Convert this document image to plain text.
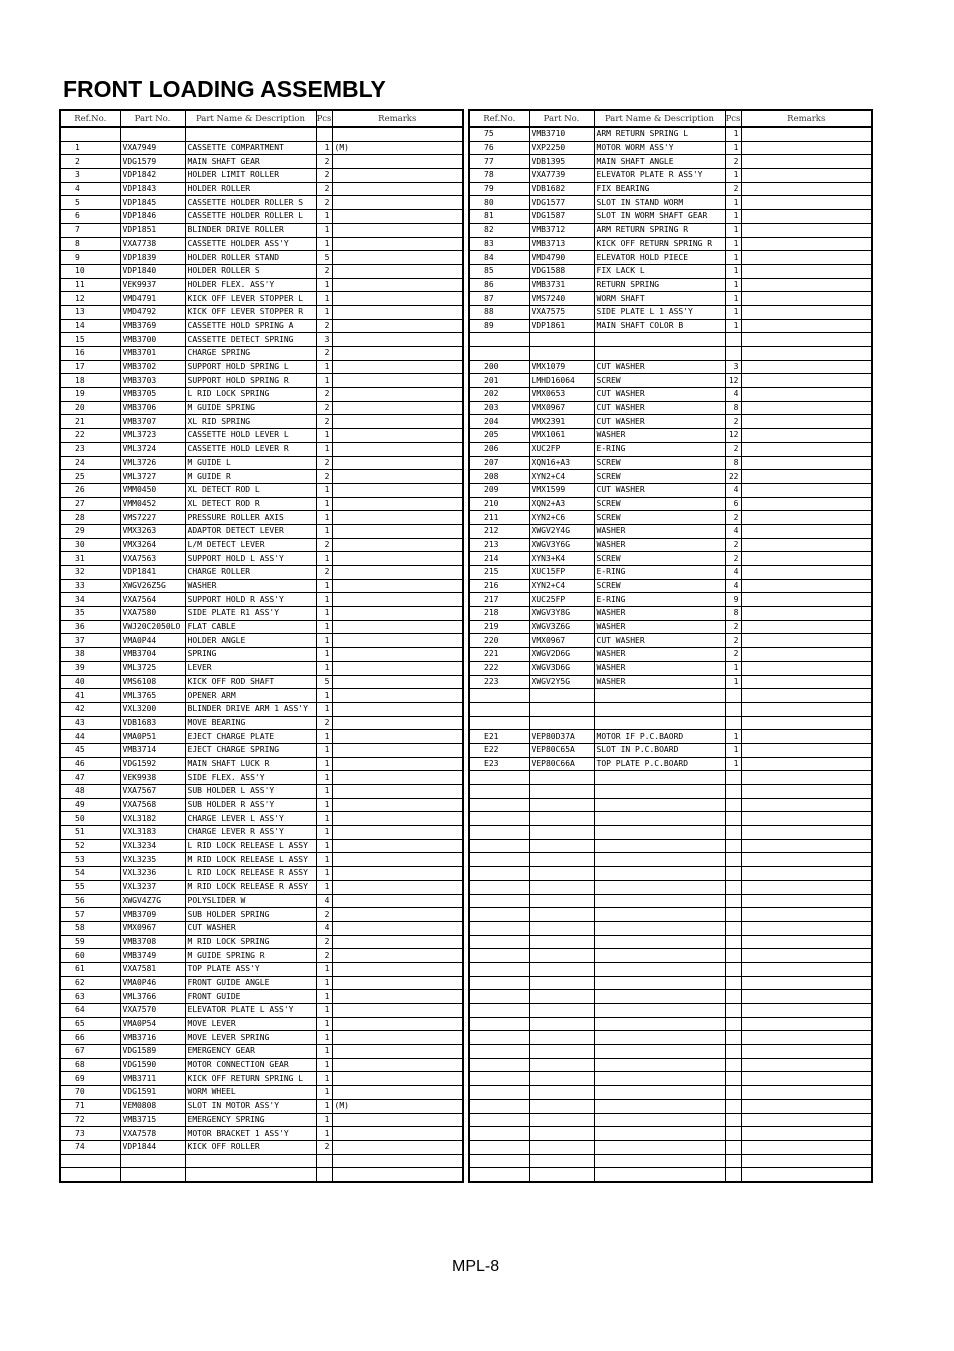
FRONT LOADING ASSEMBLY
Ref.No.	Part No.	Part Name & Description	Pcs	Remarks

1	VXA7949	CASSETTE COMPARTMENT	1	(M)
2	VDG1579	MAIN SHAFT GEAR	2	
3	VDP1842	HOLDER LIMIT ROLLER	2	
4	VDP1843	HOLDER ROLLER	2	
5	VDP1845	CASSETTE HOLDER ROLLER S	2	
6	VDP1846	CASSETTE HOLDER ROLLER L	1	
7	VDP1851	BLINDER DRIVE ROLLER	1	
8	VXA7738	CASSETTE HOLDER ASS'Y	1	
9	VDP1839	HOLDER ROLLER STAND	5	
10	VDP1840	HOLDER ROLLER S	2	
11	VEK9937	HOLDER FLEX. ASS'Y	1	
12	VMD4791	KICK OFF LEVER STOPPER L	1	
13	VMD4792	KICK OFF LEVER STOPPER R	1	
14	VMB3769	CASSETTE HOLD SPRING A	2	
15	VMB3700	CASSETTE DETECT SPRING	3	
16	VMB3701	CHARGE SPRING	2	
17	VMB3702	SUPPORT HOLD SPRING L	1	
18	VMB3703	SUPPORT HOLD SPRING R	1	
19	VMB3705	L RID LOCK SPRING	2	
20	VMB3706	M GUIDE SPRING	2	
21	VMB3707	XL RID SPRING	2	
22	VML3723	CASSETTE HOLD LEVER L	1	
23	VML3724	CASSETTE HOLD LEVER R	1	
24	VML3726	M GUIDE L	2	
25	VML3727	M GUIDE R	2	
26	VMM0450	XL DETECT ROD L	1	
27	VMM0452	XL DETECT ROD R	1	
28	VMS7227	PRESSURE ROLLER AXIS	1	
29	VMX3263	ADAPTOR DETECT LEVER	1	
30	VMX3264	L/M DETECT LEVER	2	
31	VXA7563	SUPPORT HOLD L ASS'Y	1	
32	VDP1841	CHARGE ROLLER	2	
33	XWGV26Z5G	WASHER	1	
34	VXA7564	SUPPORT HOLD R ASS'Y	1	
35	VXA7580	SIDE PLATE R1 ASS'Y	1	
36	VWJ20C2050LO	FLAT CABLE	1	
37	VMA0P44	HOLDER ANGLE	1	
38	VMB3704	SPRING	1	
39	VML3725	LEVER	1	
40	VMS6108	KICK OFF ROD SHAFT	5	
41	VML3765	OPENER ARM	1	
42	VXL3200	BLINDER DRIVE ARM 1 ASS'Y	1	
43	VDB1683	MOVE BEARING	2	
44	VMA0P51	EJECT CHARGE PLATE	1	
45	VMB3714	EJECT CHARGE SPRING	1	
46	VDG1592	MAIN SHAFT LUCK R	1	
47	VEK9938	SIDE FLEX. ASS'Y	1	
48	VXA7567	SUB HOLDER L ASS'Y	1	
49	VXA7568	SUB HOLDER R ASS'Y	1	
50	VXL3182	CHARGE LEVER L ASS'Y	1	
51	VXL3183	CHARGE LEVER R ASS'Y	1	
52	VXL3234	L RID LOCK RELEASE L ASSY	1	
53	VXL3235	M RID LOCK RELEASE L ASSY	1	
54	VXL3236	L RID LOCK RELEASE R ASSY	1	
55	VXL3237	M RID LOCK RELEASE R ASSY	1	
56	XWGV4Z7G	POLYSLIDER W	4	
57	VMB3709	SUB HOLDER SPRING	2	
58	VMX0967	CUT WASHER	4	
59	VMB3708	M RID LOCK SPRING	2	
60	VMB3749	M GUIDE SPRING R	2	
61	VXA7581	TOP PLATE ASS'Y	1	
62	VMA0P46	FRONT GUIDE ANGLE	1	
63	VML3766	FRONT GUIDE	1	
64	VXA7570	ELEVATOR PLATE L ASS'Y	1	
65	VMA0P54	MOVE LEVER	1	
66	VMB3716	MOVE LEVER SPRING	1	
67	VDG1589	EMERGENCY GEAR	1	
68	VDG1590	MOTOR CONNECTION GEAR	1	
69	VMB3711	KICK OFF RETURN SPRING L	1	
70	VDG1591	WORM WHEEL	1	
71	VEM0808	SLOT IN MOTOR ASS'Y	1	(M)
72	VMB3715	EMERGENCY SPRING	1	
73	VXA7578	MOTOR BRACKET 1 ASS'Y	1	
74	VDP1844	KICK OFF ROLLER	2	

Ref.No.	Part No.	Part Name & Description	Pcs	Remarks
75	VMB3710	ARM RETURN SPRING L	1	
76	VXP2250	MOTOR WORM ASS'Y	1	
77	VDB1395	MAIN SHAFT ANGLE	2	
78	VXA7739	ELEVATOR PLATE R ASS'Y	1	
79	VDB1682	FIX BEARING	2	
80	VDG1577	SLOT IN STAND WORM	1	
81	VDG1587	SLOT IN WORM SHAFT GEAR	1	
82	VMB3712	ARM RETURN SPRING R	1	
83	VMB3713	KICK OFF RETURN SPRING R	1	
84	VMD4790	ELEVATOR HOLD PIECE	1	
85	VDG1588	FIX LACK L	1	
86	VMB3731	RETURN SPRING	1	
87	VMS7240	WORM SHAFT	1	
88	VXA7575	SIDE PLATE L 1 ASS'Y	1	
89	VDP1861	MAIN SHAFT COLOR B	1	

200	VMX1079	CUT WASHER	3	
201	LMHD16064	SCREW	12	
202	VMX0653	CUT WASHER	4	
203	VMX0967	CUT WASHER	8	
204	VMX2391	CUT WASHER	2	
205	VMX1061	WASHER	12	
206	XUC2FP	E-RING	2	
207	XQN16+A3	SCREW	8	
208	XYN2+C4	SCREW	22	
209	VMX1599	CUT WASHER	4	
210	XQN2+A3	SCREW	6	
211	XYN2+C6	SCREW	2	
212	XWGV2Y4G	WASHER	4	
213	XWGV3Y6G	WASHER	2	
214	XYN3+K4	SCREW	2	
215	XUC15FP	E-RING	4	
216	XYN2+C4	SCREW	4	
217	XUC25FP	E-RING	9	
218	XWGV3Y8G	WASHER	8	
219	XWGV3Z6G	WASHER	2	
220	VMX0967	CUT WASHER	2	
221	XWGV2D6G	WASHER	2	
222	XWGV3D6G	WASHER	1	
223	XWGV2Y5G	WASHER	1	

E21	VEP80D37A	MOTOR IF P.C.BAORD	1	
E22	VEP80C65A	SLOT IN P.C.BOARD	1	
E23	VEP80C66A	TOP PLATE P.C.BOARD	1	

MPL-8
